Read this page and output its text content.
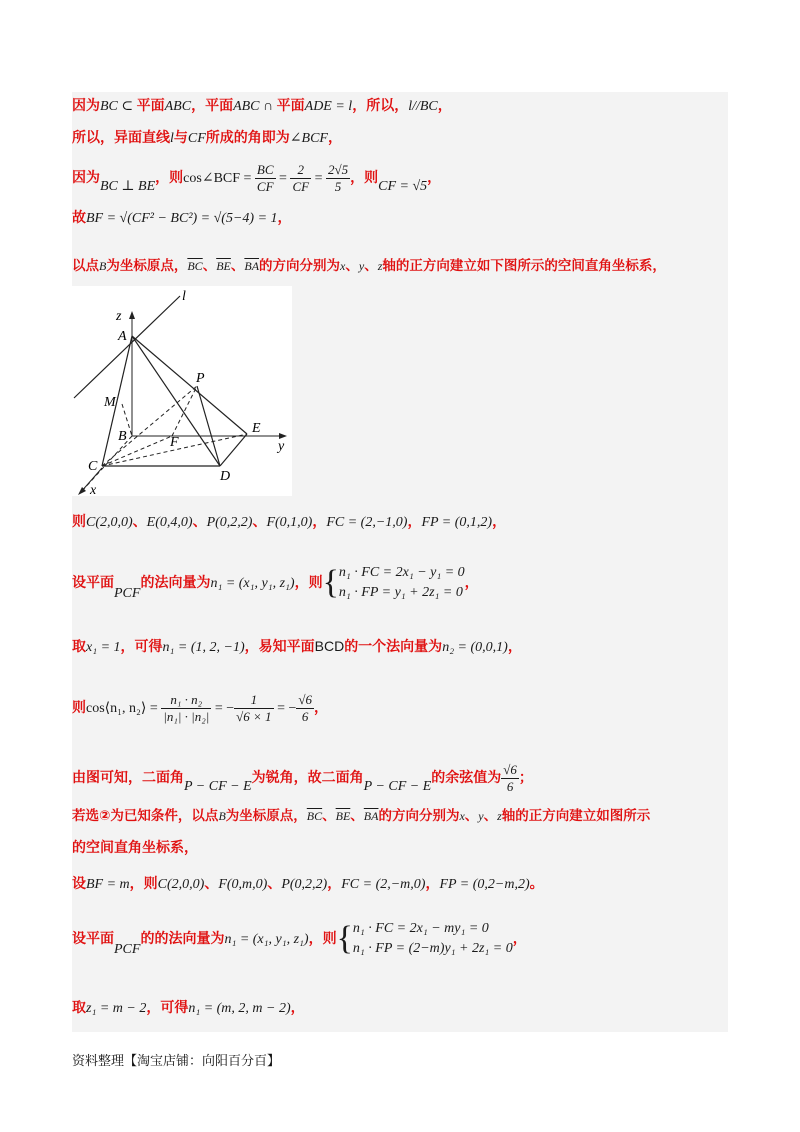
因为BC ⊂ 平面ABC，平面ABC ∩ 平面ADE = l，所以，l//BC，
所以，异面直线l与CF所成的角即为∠BCF，
因为BC ⊥ BE，则cos∠BCF = $\frac{BC}{CF} = \frac{2}{CF} = \frac{2√5}{5}$ ，则CF = √5，
故BF = √(CF² − BC²) = √(5−4) = 1，
以点B为坐标原点，$\overline{BC}$、$\overline{BE}$、$\overline{BA}$的方向分别为x、y、z轴的正方向建立如下图所示的空间直角坐标系，
l
z
A
P
M
B	F
E
y
C
D
x
则C(2,0,0)、E(0,4,0)、P(0,2,2)、F(0,1,0)，FC = (2,−1,0)，FP = (0,1,2)，
设平面PCF的法向量为n₁ = (x₁, y₁, z₁)，则{ n₁ · FC = 2x₁ − y₁ = 0
n₁ · FP = y₁ + 2z₁ = 0
，
取x₁ = 1，可得n₁ = (1, 2, −1)，易知平面BCD的一个法向量为n₂ = (0,0,1)，
则cos⟨n₁, n₂⟩ = $\frac{\text{n₁ · n₂}}{\text{|n₁| · |n₂|}}$ = − $\frac{1}{√6 \times 1}$ = − $\frac{√6}{6}$ ，
由图可知，二面角P − CF − E为锐角，故二面角P − CF − E的余弦值为 $\frac{√6}{6}$ ；
若选②为已知条件，以点B为坐标原点，$\overline{BC}$、$\overline{BE}$、$\overline{BA}$的方向分别为x、y、z轴的正方向建立如图所示
的空间直角坐标系，
设BF = m，则C(2,0,0)、F(0,m,0)、P(0,2,2)，FC = (2,−m,0)，FP = (0,2−m,2)。
设平面PCF的的法向量为n₁ = (x₁, y₁, z₁)，则{ n₁ · FC = 2x₁ − my₁ = 0
n₁ · FP = (2−m)y₁ + 2z₁ = 0
，
取z₁ = m − 2，可得n₁ = (m, 2, m − 2)，
资料整理【淘宝店铺：向阳百分百】
